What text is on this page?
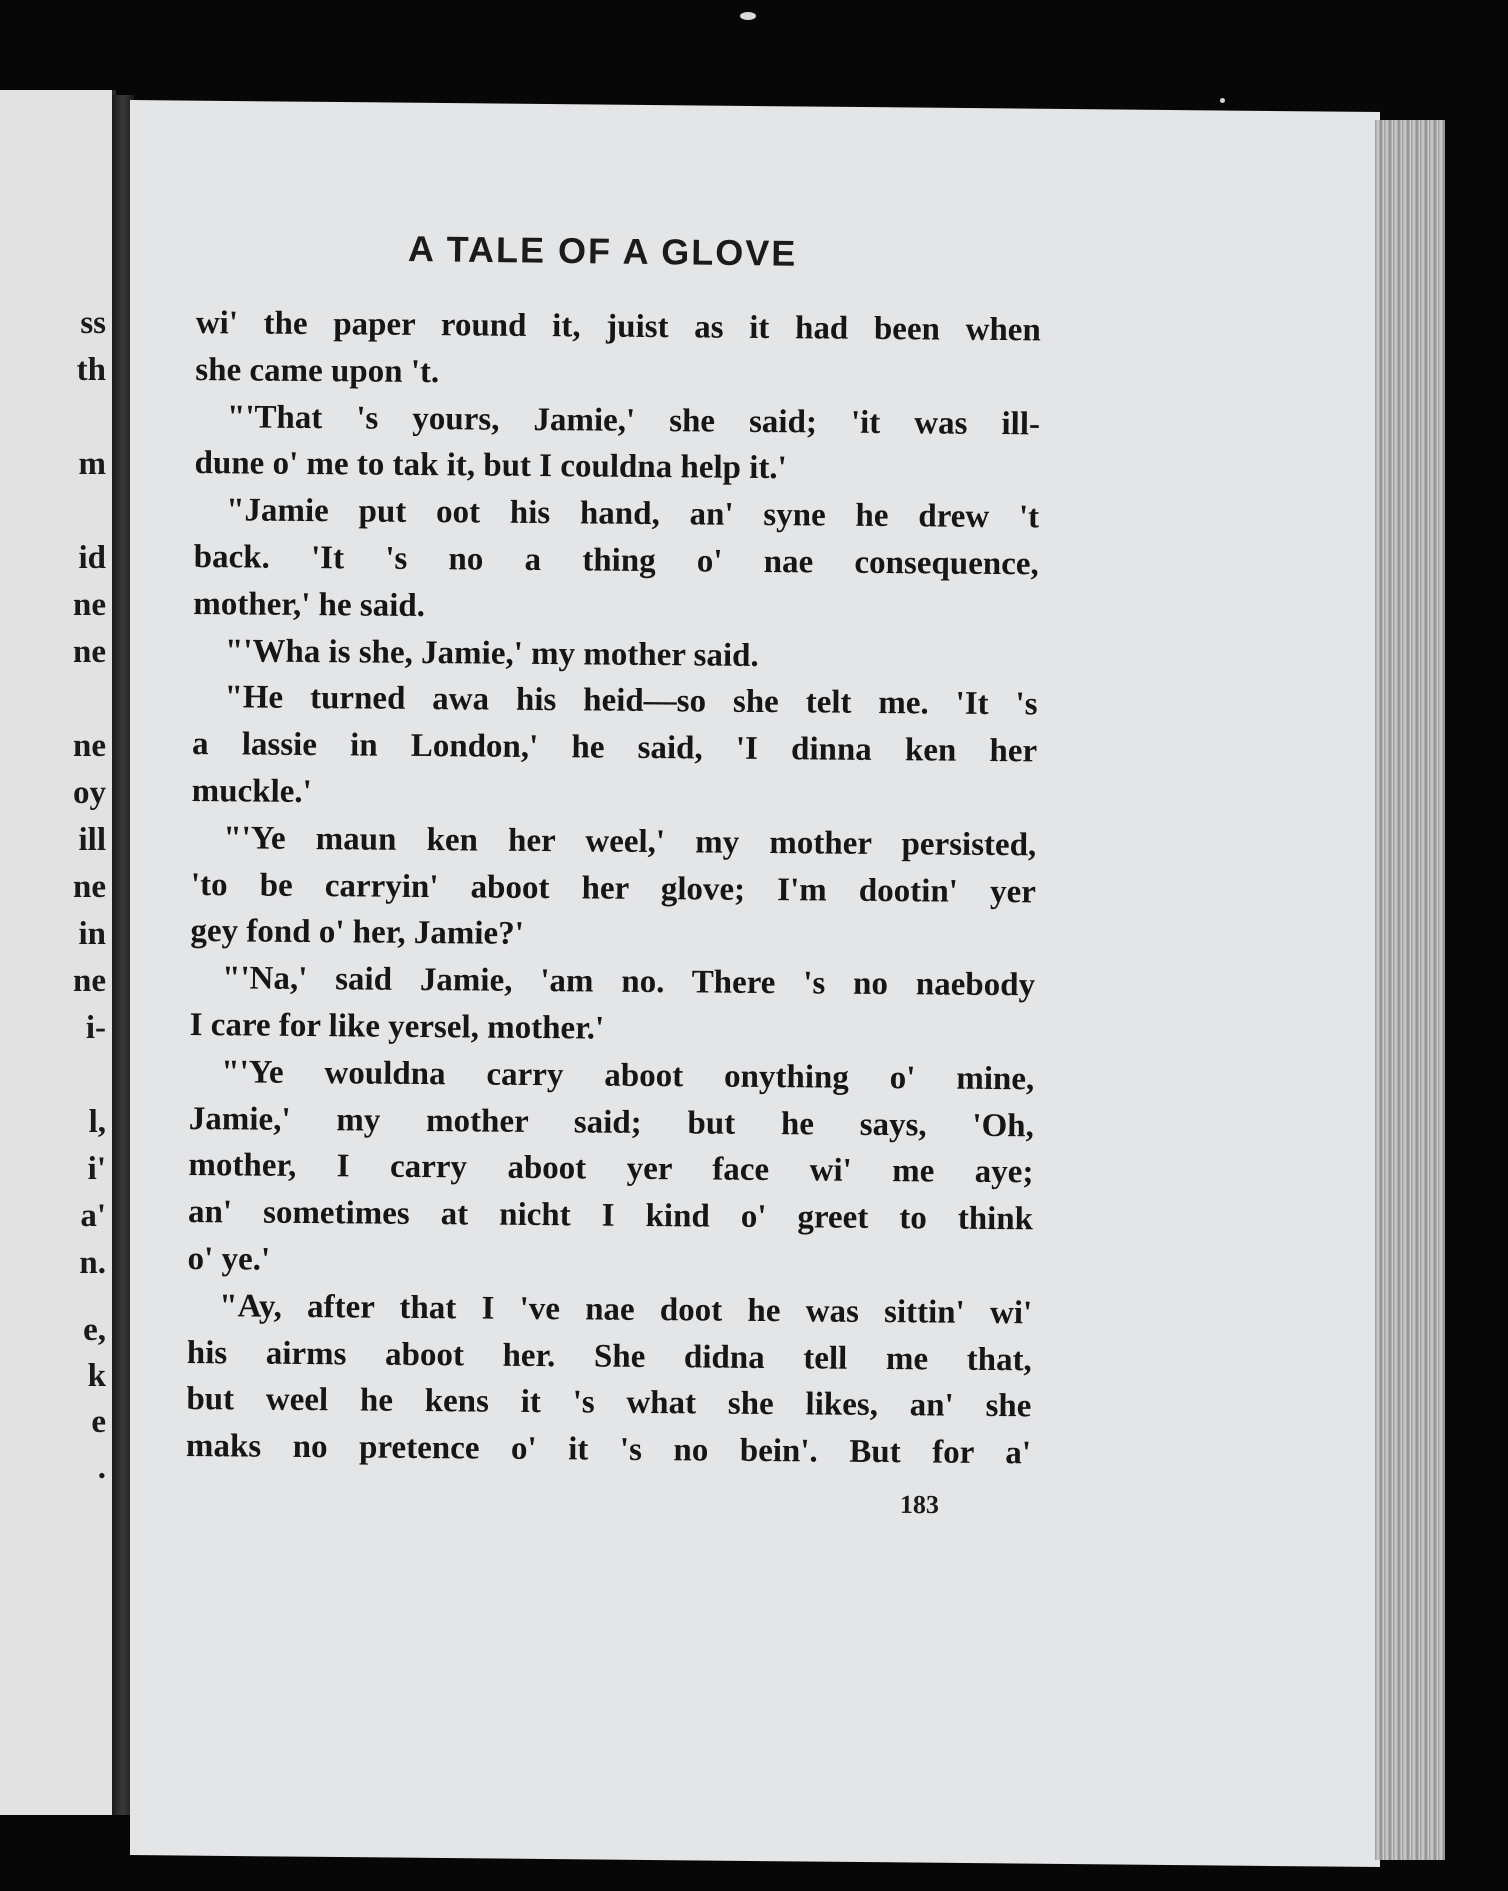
ss
th
m
id
ne
ne
ne
oy
ill
ne
in
ne
i-
l,
i'
a'
n.
e,
k
e
.
A TALE OF A GLOVE
wi' the paper round it, juist as it had been when
she came upon 't.
"'That 's yours, Jamie,' she said; 'it was ill-
dune o' me to tak it, but I couldna help it.'
"Jamie put oot his hand, an' syne he drew 't
back. 'It 's no a thing o' nae consequence,
mother,' he said.
"'Wha is she, Jamie,' my mother said.
"He turned awa his heid—so she telt me. 'It 's
a lassie in London,' he said, 'I dinna ken her
muckle.'
"'Ye maun ken her weel,' my mother persisted,
'to be carryin' aboot her glove; I'm dootin' yer
gey fond o' her, Jamie?'
"'Na,' said Jamie, 'am no. There 's no naebody
I care for like yersel, mother.'
"'Ye wouldna carry aboot onything o' mine,
Jamie,' my mother said; but he says, 'Oh,
mother, I carry aboot yer face wi' me aye;
an' sometimes at nicht I kind o' greet to think
o' ye.'
"Ay, after that I 've nae doot he was sittin' wi'
his airms aboot her. She didna tell me that,
but weel he kens it 's what she likes, an' she
maks no pretence o' it 's no bein'. But for a'
183
